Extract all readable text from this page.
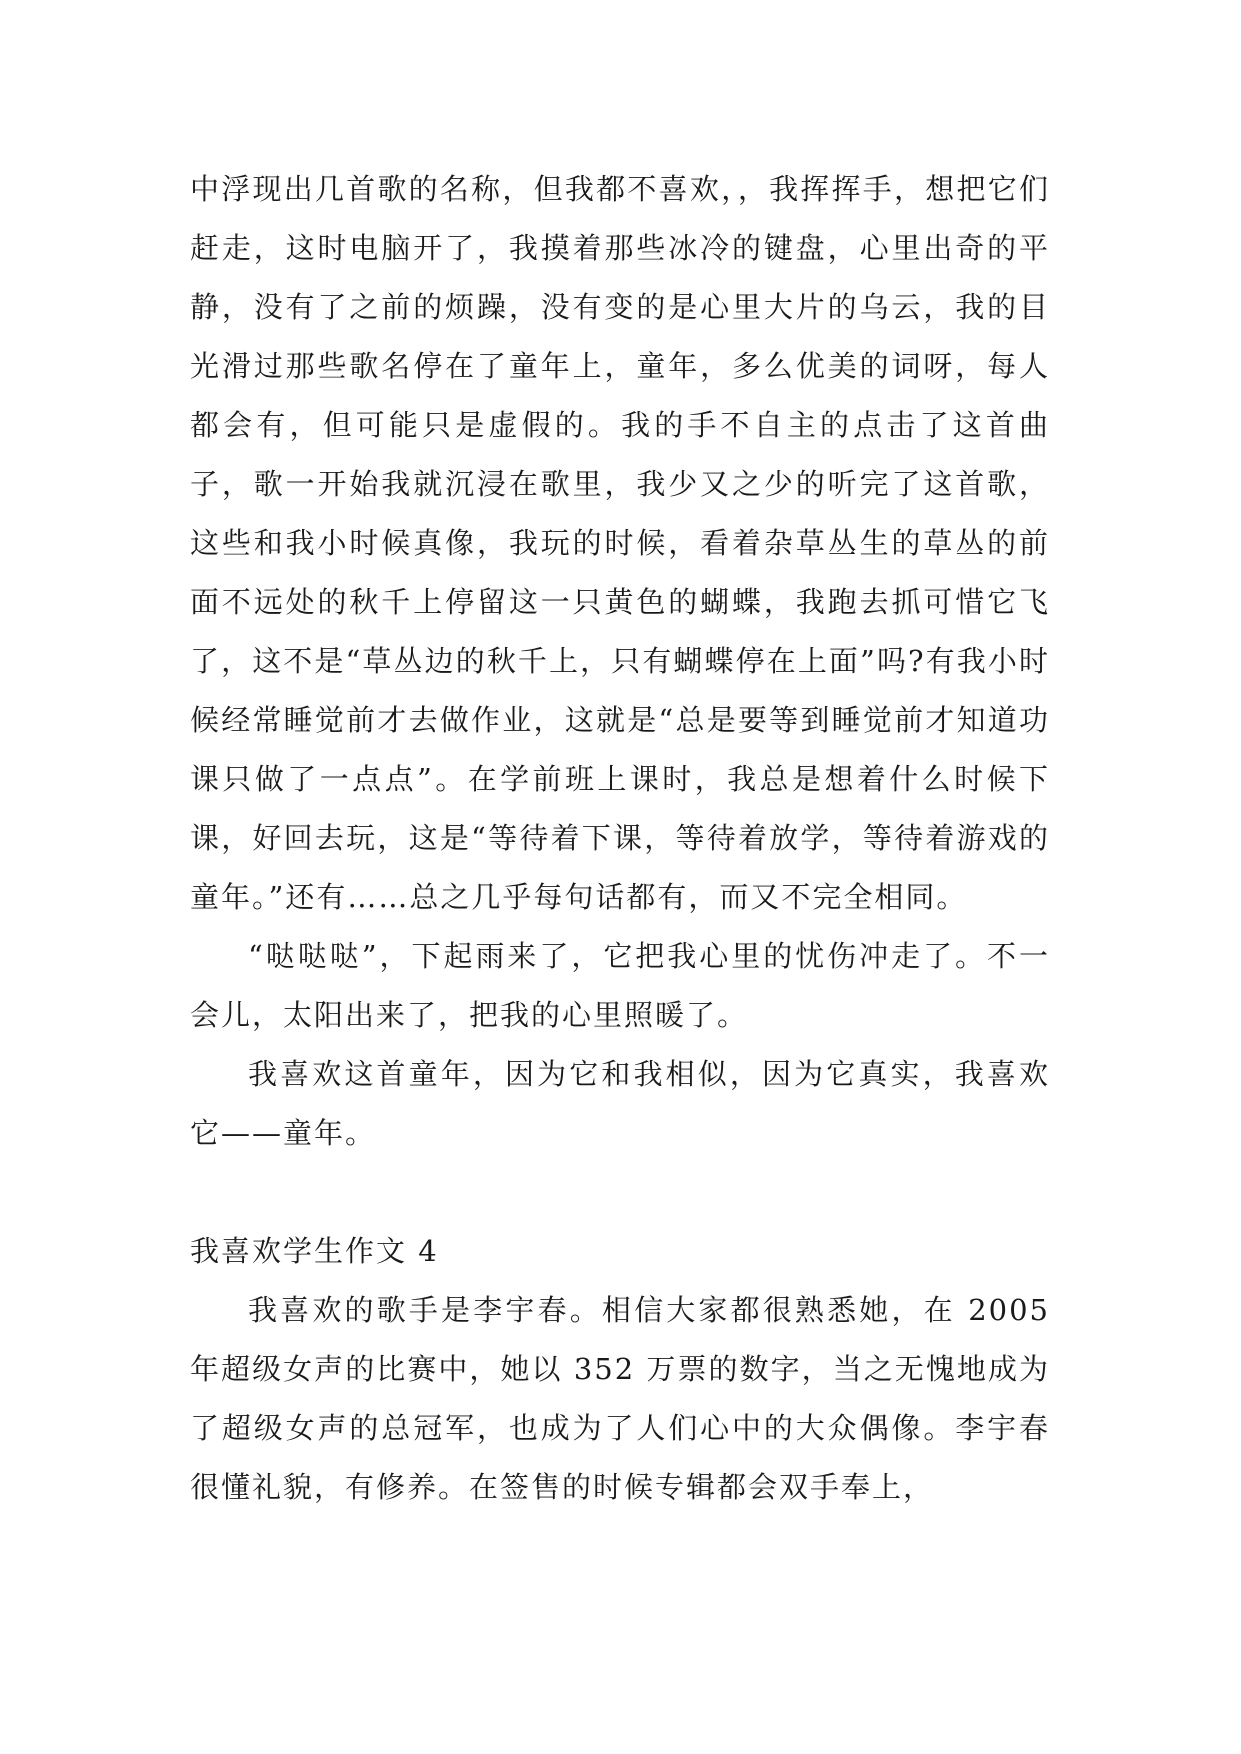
中浮现出几首歌的名称，但我都不喜欢，，我挥挥手，想把它们赶走，这时电脑开了，我摸着那些冰冷的键盘，心里出奇的平静，没有了之前的烦躁，没有变的是心里大片的乌云，我的目光滑过那些歌名停在了童年上，童年，多么优美的词呀，每人都会有，但可能只是虚假的。我的手不自主的点击了这首曲子，歌一开始我就沉浸在歌里，我少又之少的听完了这首歌，这些和我小时候真像，我玩的时候，看着杂草丛生的草丛的前面不远处的秋千上停留这一只黄色的蝴蝶，我跑去抓可惜它飞了，这不是“草丛边的秋千上，只有蝴蝶停在上面”吗?有我小时候经常睡觉前才去做作业，这就是“总是要等到睡觉前才知道功课只做了一点点”。在学前班上课时，我总是想着什么时候下课，好回去玩，这是“等待着下课，等待着放学，等待着游戏的童年。”还有……总之几乎每句话都有，而又不完全相同。

“哒哒哒”，下起雨来了，它把我心里的忧伤冲走了。不一会儿，太阳出来了，把我的心里照暖了。

我喜欢这首童年，因为它和我相似，因为它真实，我喜欢它——童年。

我喜欢学生作文 4

我喜欢的歌手是李宇春。相信大家都很熟悉她，在 2005 年超级女声的比赛中，她以 352 万票的数字，当之无愧地成为了超级女声的总冠军，也成为了人们心中的大众偶像。李宇春很懂礼貌，有修养。在签售的时候专辑都会双手奉上，
